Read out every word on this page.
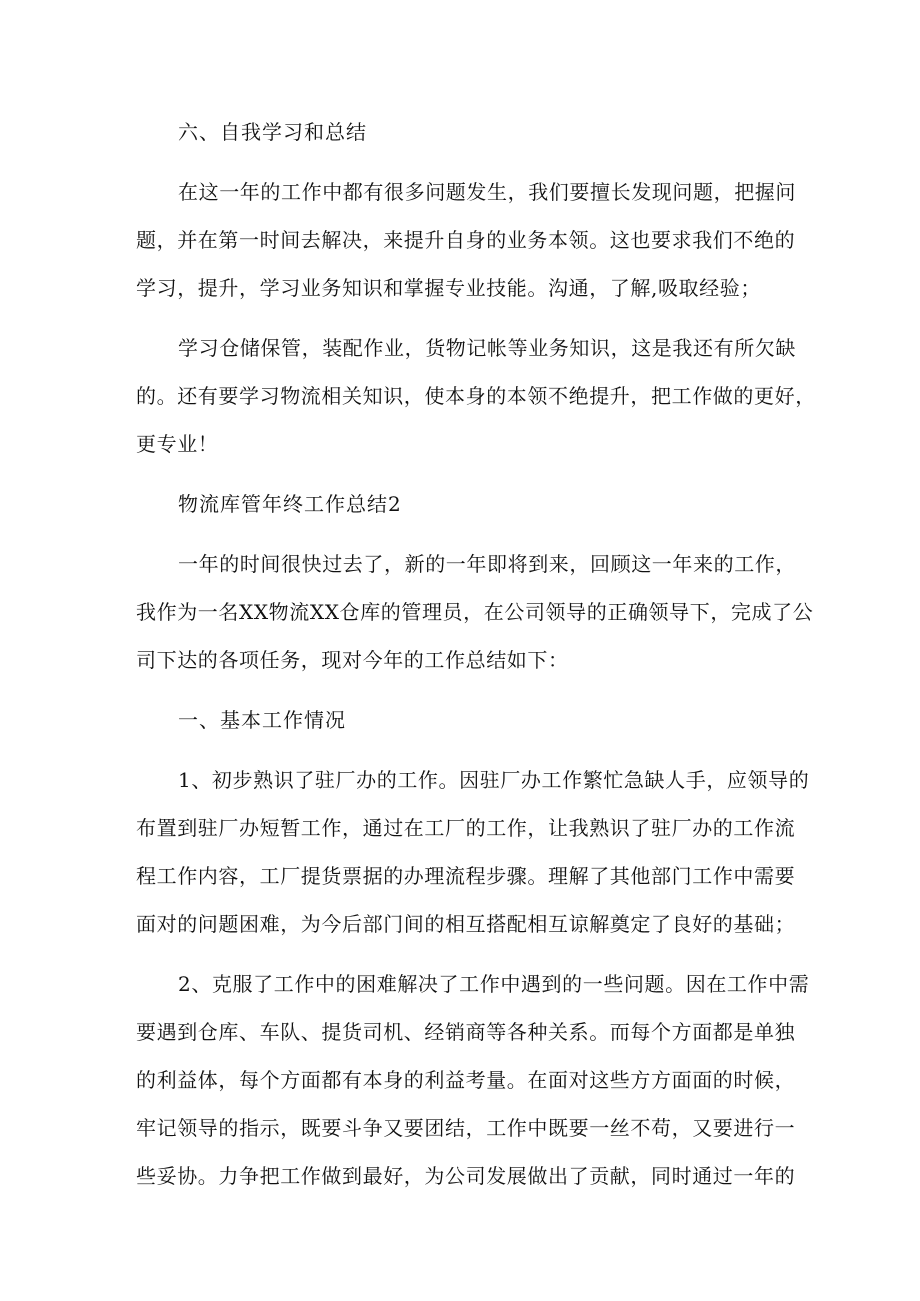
六、自我学习和总结
在这一年的工作中都有很多问题发生，我们要擅长发现问题，把握问
题，并在第一时间去解决，来提升自身的业务本领。这也要求我们不绝的
学习，提升，学习业务知识和掌握专业技能。沟通，了解,吸取经验；
学习仓储保管，装配作业，货物记帐等业务知识，这是我还有所欠缺
的。还有要学习物流相关知识，使本身的本领不绝提升，把工作做的更好，
更专业！
物流库管年终工作总结2
一年的时间很快过去了，新的一年即将到来，回顾这一年来的工作，
我作为一名XX物流XX仓库的管理员，在公司领导的正确领导下，完成了公
司下达的各项任务，现对今年的工作总结如下：
一、基本工作情况
1、初步熟识了驻厂办的工作。因驻厂办工作繁忙急缺人手，应领导的
布置到驻厂办短暂工作，通过在工厂的工作，让我熟识了驻厂办的工作流
程工作内容，工厂提货票据的办理流程步骤。理解了其他部门工作中需要
面对的问题困难，为今后部门间的相互搭配相互谅解奠定了良好的基础；
2、克服了工作中的困难解决了工作中遇到的一些问题。因在工作中需
要遇到仓库、车队、提货司机、经销商等各种关系。而每个方面都是单独
的利益体，每个方面都有本身的利益考量。在面对这些方方面面的时候，
牢记领导的指示，既要斗争又要团结，工作中既要一丝不苟，又要进行一
些妥协。力争把工作做到最好，为公司发展做出了贡献，同时通过一年的
